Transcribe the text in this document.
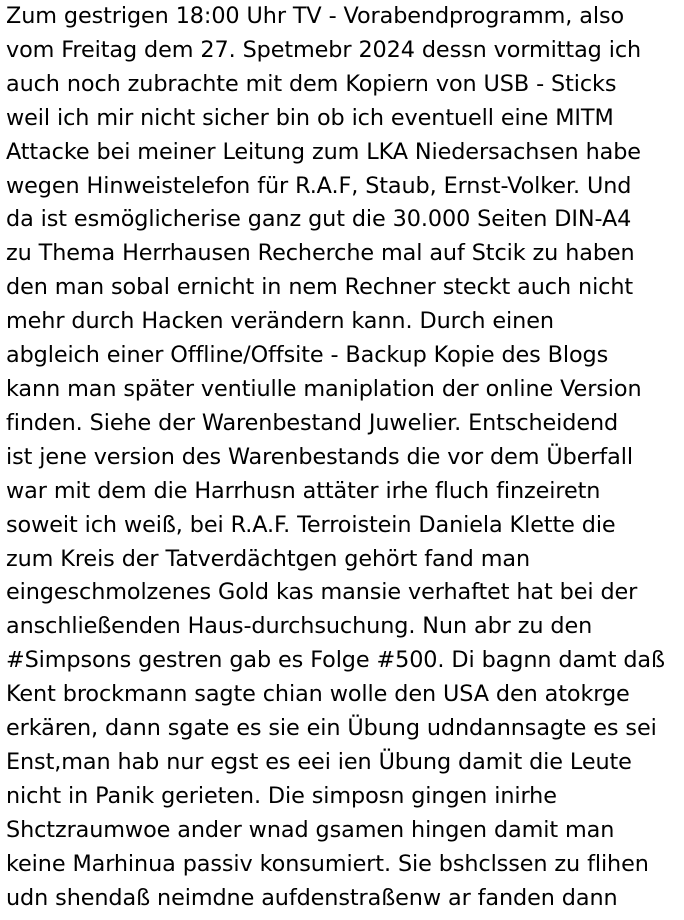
Zum gestrigen 18:00 Uhr TV - Vorabendprogramm, also vom Freitag dem 27. Spetmebr 2024 dessn vormittag ich auch noch zubrachte mit dem Kopiern von USB - Sticks weil ich mir nicht sicher bin ob ich eventuell eine MITM Attacke bei meiner Leitung zum LKA Niedersachsen habe wegen Hinweistelefon für R.A.F, Staub, Ernst-Volker. Und da ist esmöglicherise ganz gut die 30.000 Seiten DIN-A4 zu Thema Herrhausen Recherche mal auf Stcik zu haben den man sobal ernicht in nem Rechner steckt auch nicht mehr durch Hacken verändern kann. Durch einen abgleich einer Offline/Offsite - Backup Kopie des Blogs kann man später ventiulle maniplation der online Version finden. Siehe der Warenbestand Juwelier. Entscheidend ist jene version des Warenbestands die vor dem Überfall war mit dem die Harrhusn attäter irhe fluch finzeiretn soweit ich weiß, bei R.A.F. Terroistein Daniela Klette die zum Kreis der Tatverdächtgen gehört fand man eingeschmolzenes Gold kas mansie verhaftet hat bei der anschließenden Haus-durchsuchung. Nun abr zu den #Simpsons gestren gab es Folge #500. Di bagnn damt daß Kent brockmann sagte chian wolle den USA den atokrge erkären, dann sgate es sie ein Übung udndannsagte es sei Enst,man hab nur egst es eei ien Übung damit die Leute nicht in Panik gerieten. Die simposn gingen inirhe Shctzraumwoe ander wnad gsamen hingen damit man keine Marhinua passiv konsumiert. Sie bshclssen zu flihen udn shendaß neimdne aufdenstraßenw ar fanden dann
